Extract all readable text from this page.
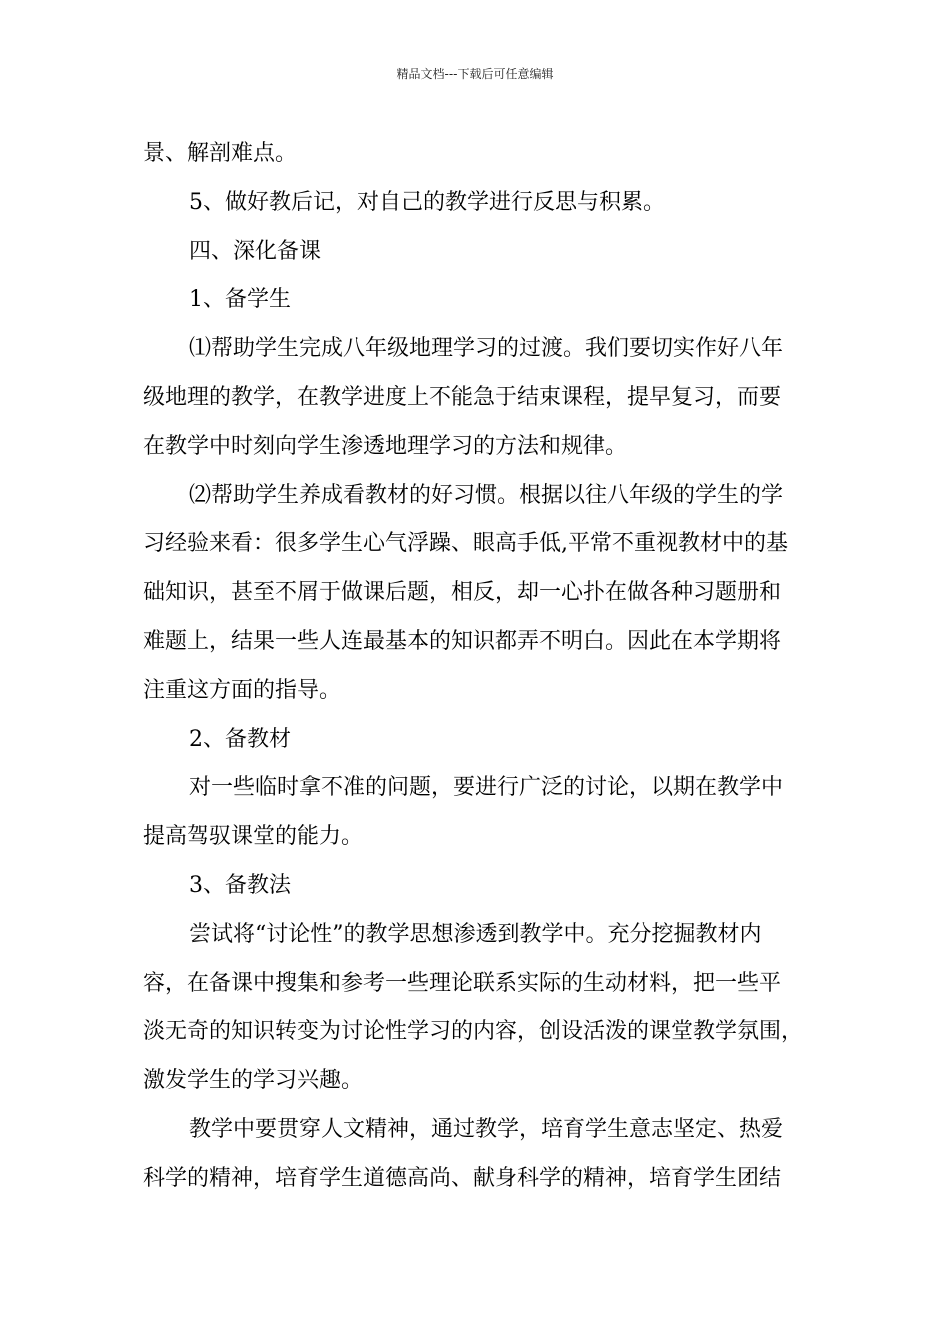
精品文档---下载后可任意编辑
景、解剖难点。
5、做好教后记，对自己的教学进行反思与积累。
四、深化备课
1、备学生
⑴帮助学生完成八年级地理学习的过渡。我们要切实作好八年
级地理的教学，在教学进度上不能急于结束课程，提早复习，而要
在教学中时刻向学生渗透地理学习的方法和规律。
⑵帮助学生养成看教材的好习惯。根据以往八年级的学生的学
习经验来看：很多学生心气浮躁、眼高手低,平常不重视教材中的基
础知识，甚至不屑于做课后题，相反，却一心扑在做各种习题册和
难题上，结果一些人连最基本的知识都弄不明白。因此在本学期将
注重这方面的指导。
2、备教材
对一些临时拿不准的问题，要进行广泛的讨论，以期在教学中
提高驾驭课堂的能力。
3、备教法
尝试将“讨论性”的教学思想渗透到教学中。充分挖掘教材内
容，在备课中搜集和参考一些理论联系实际的生动材料，把一些平
淡无奇的知识转变为讨论性学习的内容，创设活泼的课堂教学氛围，
激发学生的学习兴趣。
教学中要贯穿人文精神，通过教学，培育学生意志坚定、热爱
科学的精神，培育学生道德高尚、献身科学的精神，培育学生团结
